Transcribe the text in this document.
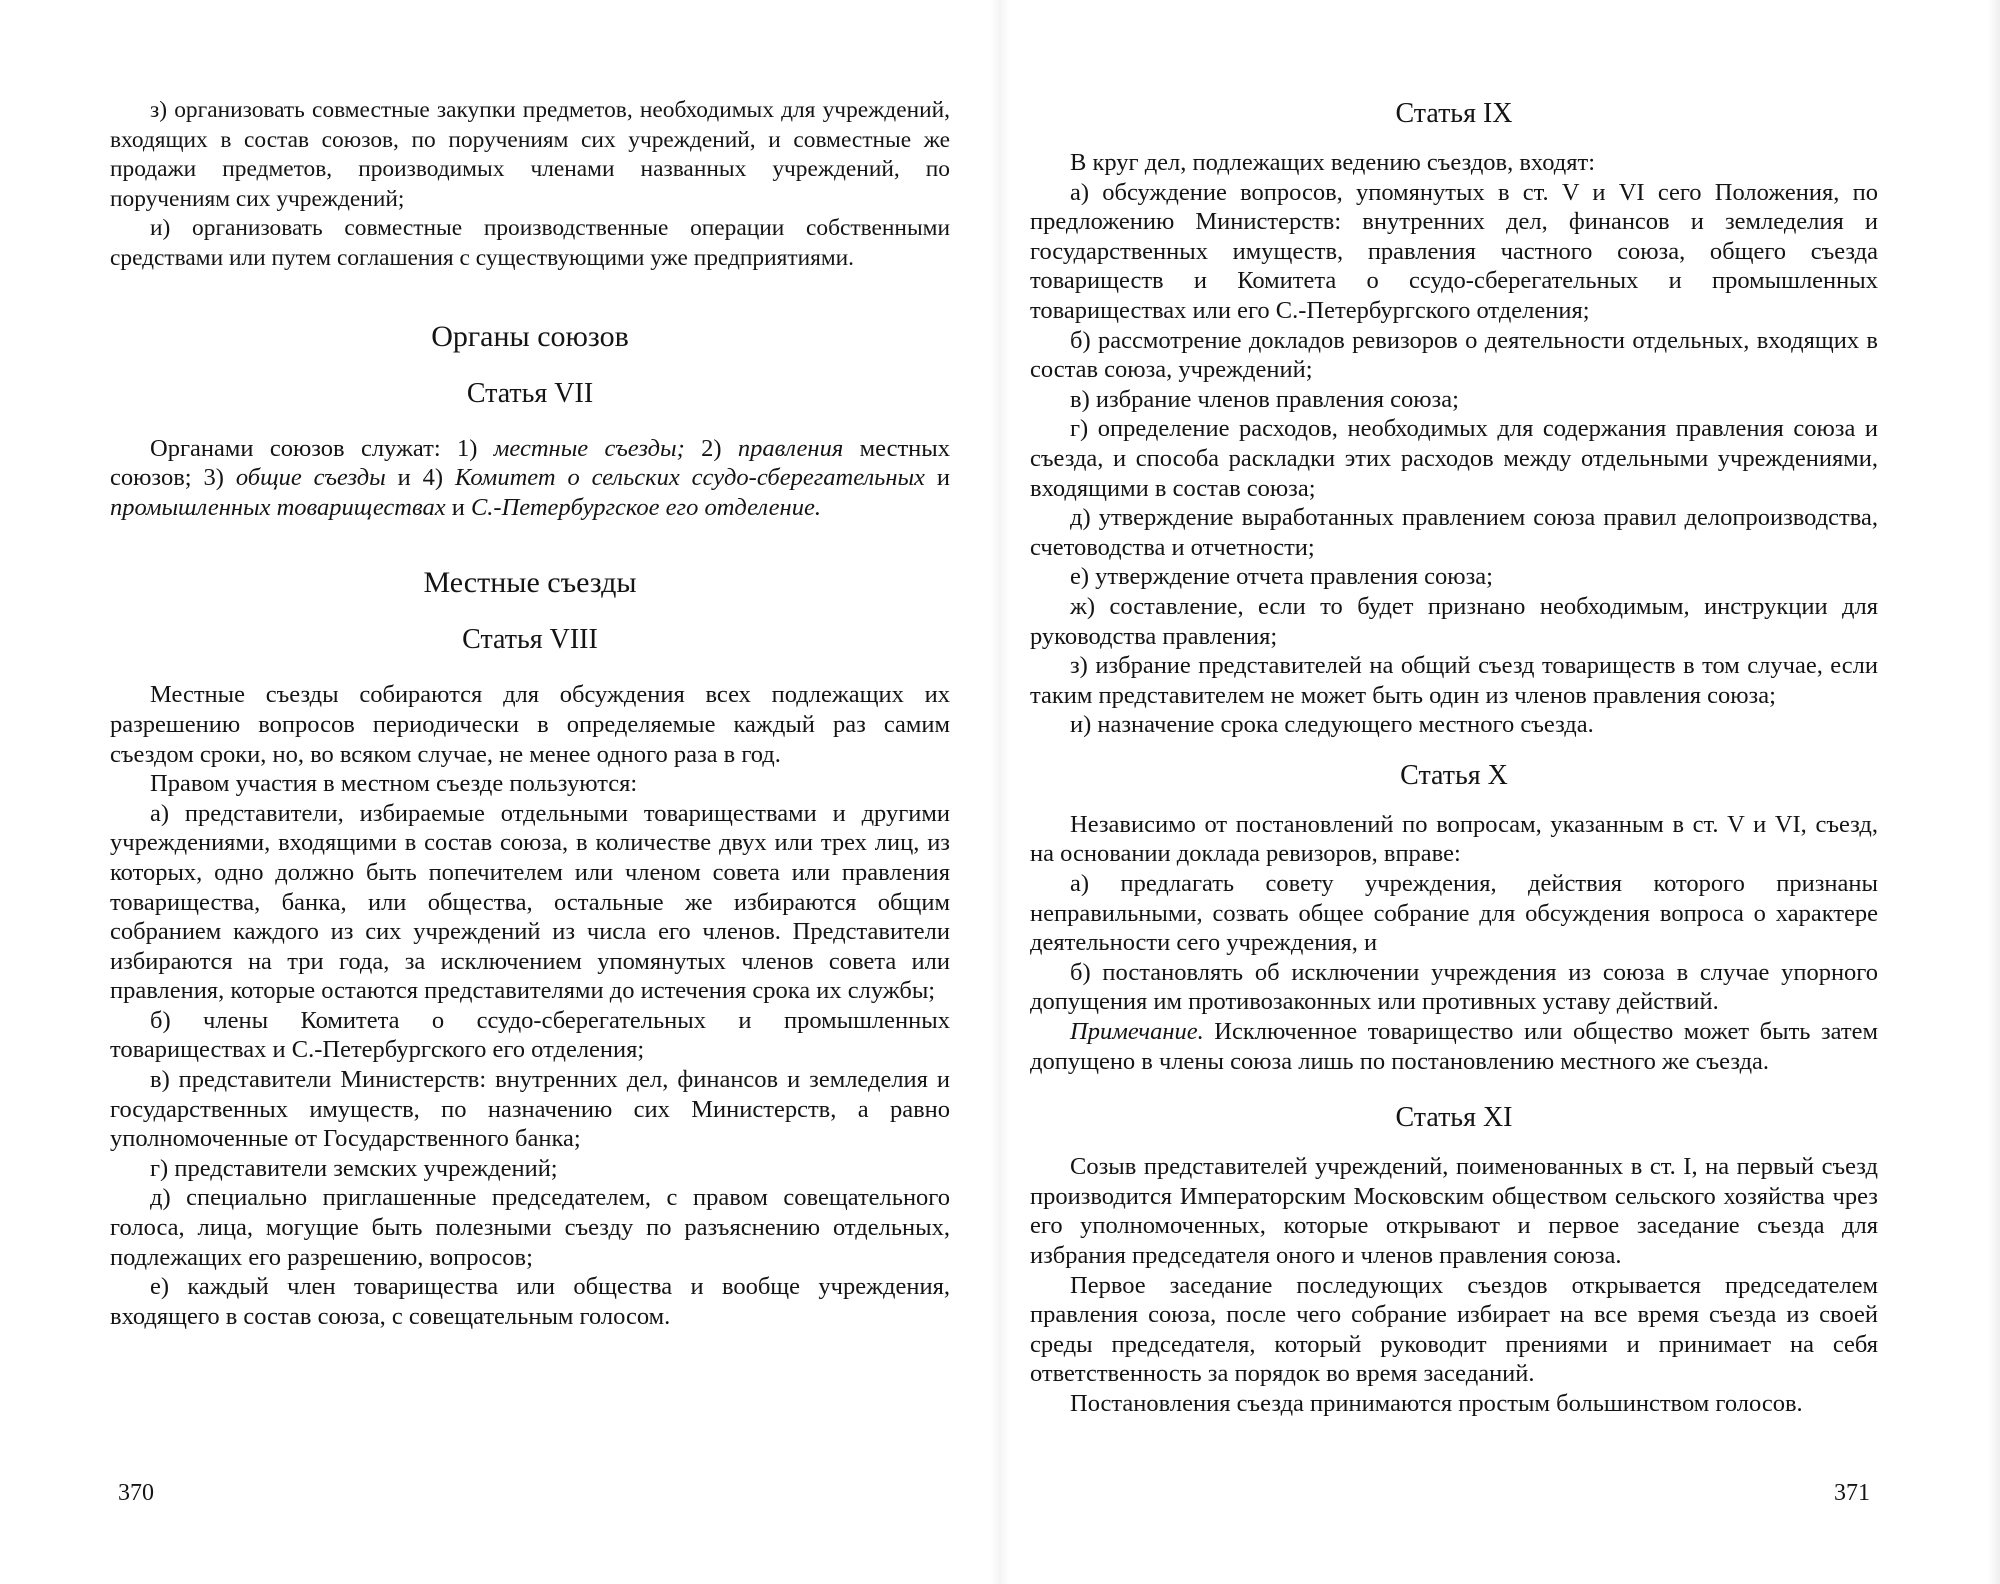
з) организовать совместные закупки предметов, необходимых для учреждений, входящих в состав союзов, по поручениям сих учреждений, и совместные же продажи предметов, производимых членами названных учреждений, по поручениям сих учреждений;

и) организовать совместные производственные операции собственными средствами или путем соглашения с существующими уже предприятиями.

Органы союзов
Статья VII

Органами союзов служат: 1) местные съезды; 2) правления местных союзов; 3) общие съезды и 4) Комитет о сельских ссудо-сберегательных и промышленных товариществах и С.-Петербургское его отделение.

Местные съезды
Статья VIII

Местные съезды собираются для обсуждения всех подлежащих их разрешению вопросов периодически в определяемые каждый раз самим съездом сроки, но, во всяком случае, не менее одного раза в год.

Правом участия в местном съезде пользуются:

а) представители, избираемые отдельными товариществами и другими учреждениями, входящими в состав союза, в количестве двух или трех лиц, из которых, одно должно быть попечителем или членом совета или правления товарищества, банка, или общества, остальные же избираются общим собранием каждого из сих учреждений из числа его членов. Представители избираются на три года, за исключением упомянутых членов совета или правления, которые остаются представителями до истечения срока их службы;

б) члены Комитета о ссудо-сберегательных и промышленных товариществах и С.-Петербургского его отделения;

в) представители Министерств: внутренних дел, финансов и земледелия и государственных имуществ, по назначению сих Министерств, а равно уполномоченные от Государственного банка;

г) представители земских учреждений;

д) специально приглашенные председателем, с правом совещательного голоса, лица, могущие быть полезными съезду по разъяснению отдельных, подлежащих его разрешению, вопросов;

е) каждый член товарищества или общества и вообще учреждения, входящего в состав союза, с совещательным голосом.

370
Статья IX

В круг дел, подлежащих ведению съездов, входят:

а) обсуждение вопросов, упомянутых в ст. V и VI сего Положения, по предложению Министерств: внутренних дел, финансов и земледелия и государственных имуществ, правления частного союза, общего съезда товариществ и Комитета о ссудо-сберегательных и промышленных товариществах или его С.-Петербургского отделения;

б) рассмотрение докладов ревизоров о деятельности отдельных, входящих в состав союза, учреждений;

в) избрание членов правления союза;

г) определение расходов, необходимых для содержания правления союза и съезда, и способа раскладки этих расходов между отдельными учреждениями, входящими в состав союза;

д) утверждение выработанных правлением союза правил делопроизводства, счетоводства и отчетности;

е) утверждение отчета правления союза;

ж) составление, если то будет признано необходимым, инструкции для руководства правления;

з) избрание представителей на общий съезд товариществ в том случае, если таким представителем не может быть один из членов правления союза;

и) назначение срока следующего местного съезда.

Статья X

Независимо от постановлений по вопросам, указанным в ст. V и VI, съезд, на основании доклада ревизоров, вправе:

а) предлагать совету учреждения, действия которого признаны неправильными, созвать общее собрание для обсуждения вопроса о характере деятельности сего учреждения, и

б) постановлять об исключении учреждения из союза в случае упорного допущения им противозаконных или противных уставу действий.

Примечание. Исключенное товарищество или общество может быть затем допущено в члены союза лишь по постановлению местного же съезда.

Статья XI

Созыв представителей учреждений, поименованных в ст. I, на первый съезд производится Императорским Московским обществом сельского хозяйства чрез его уполномоченных, которые открывают и первое заседание съезда для избрания председателя оного и членов правления союза.

Первое заседание последующих съездов открывается председателем правления союза, после чего собрание избирает на все время съезда из своей среды председателя, который руководит прениями и принимает на себя ответственность за порядок во время заседаний.

Постановления съезда принимаются простым большинством голосов.

371
